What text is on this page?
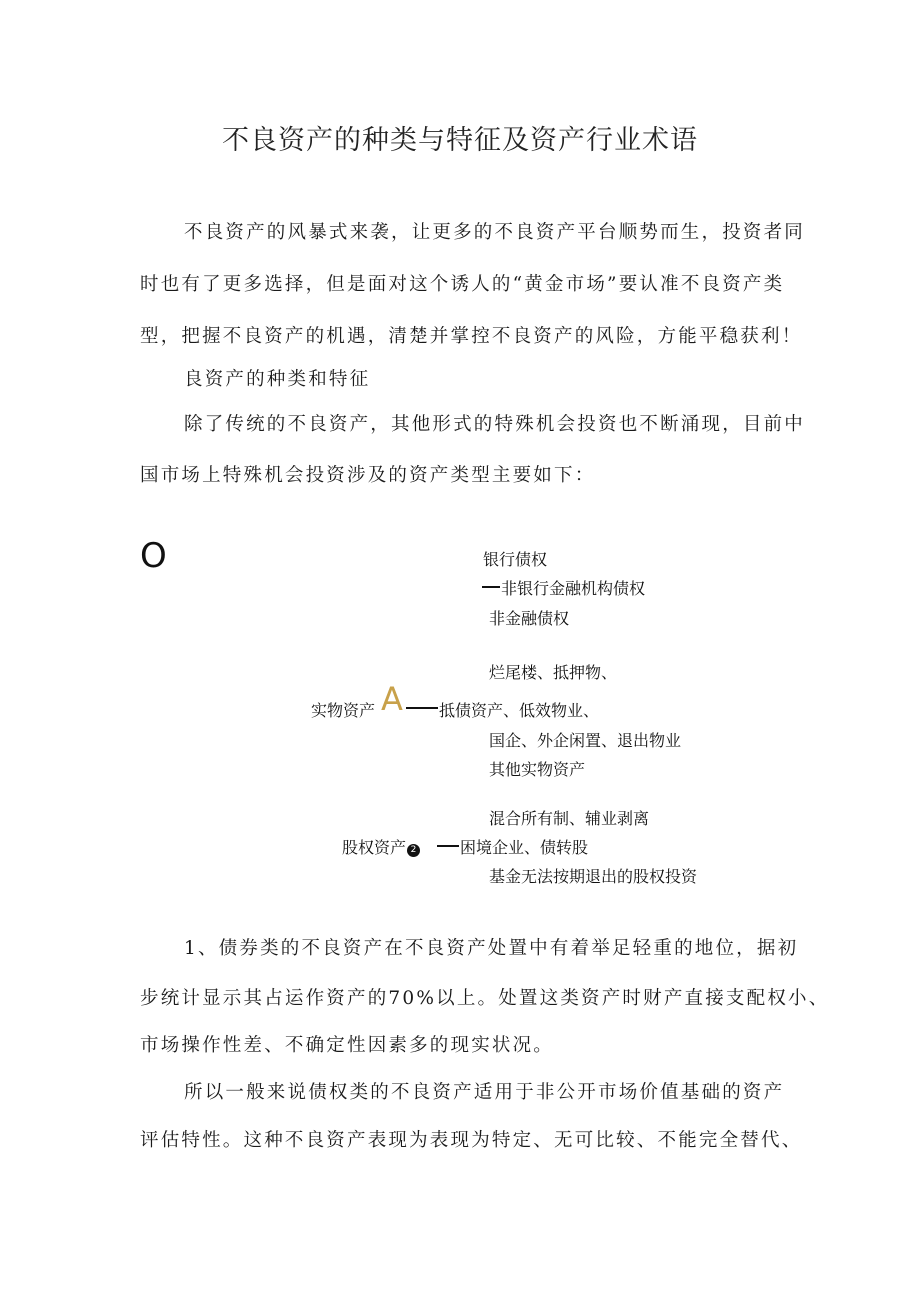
不良资产的种类与特征及资产行业术语
不良资产的风暴式来袭，让更多的不良资产平台顺势而生，投资者同
时也有了更多选择，但是面对这个诱人的“黄金市场”要认准不良资产类
型，把握不良资产的机遇，清楚并掌控不良资产的风险，方能平稳获利！
良资产的种类和特征
除了传统的不良资产，其他形式的特殊机会投资也不断涌现，目前中
国市场上特殊机会投资涉及的资产类型主要如下：
O	银行债权
非银行金融机构债权
非金融债权
烂尾楼、抵押物、
实物资产 A 抵债资产、低效物业、
国企、外企闲置、退出物业
其他实物资产
混合所有制、辅业剥离
股权资产 2	困境企业、债转股
基金无法按期退出的股权投资
1、债券类的不良资产在不良资产处置中有着举足轻重的地位，据初
步统计显示其占运作资产的70%以上。处置这类资产时财产直接支配权小、
市场操作性差、不确定性因素多的现实状况。
所以一般来说债权类的不良资产适用于非公开市场价值基础的资产
评估特性。这种不良资产表现为表现为特定、无可比较、不能完全替代、
